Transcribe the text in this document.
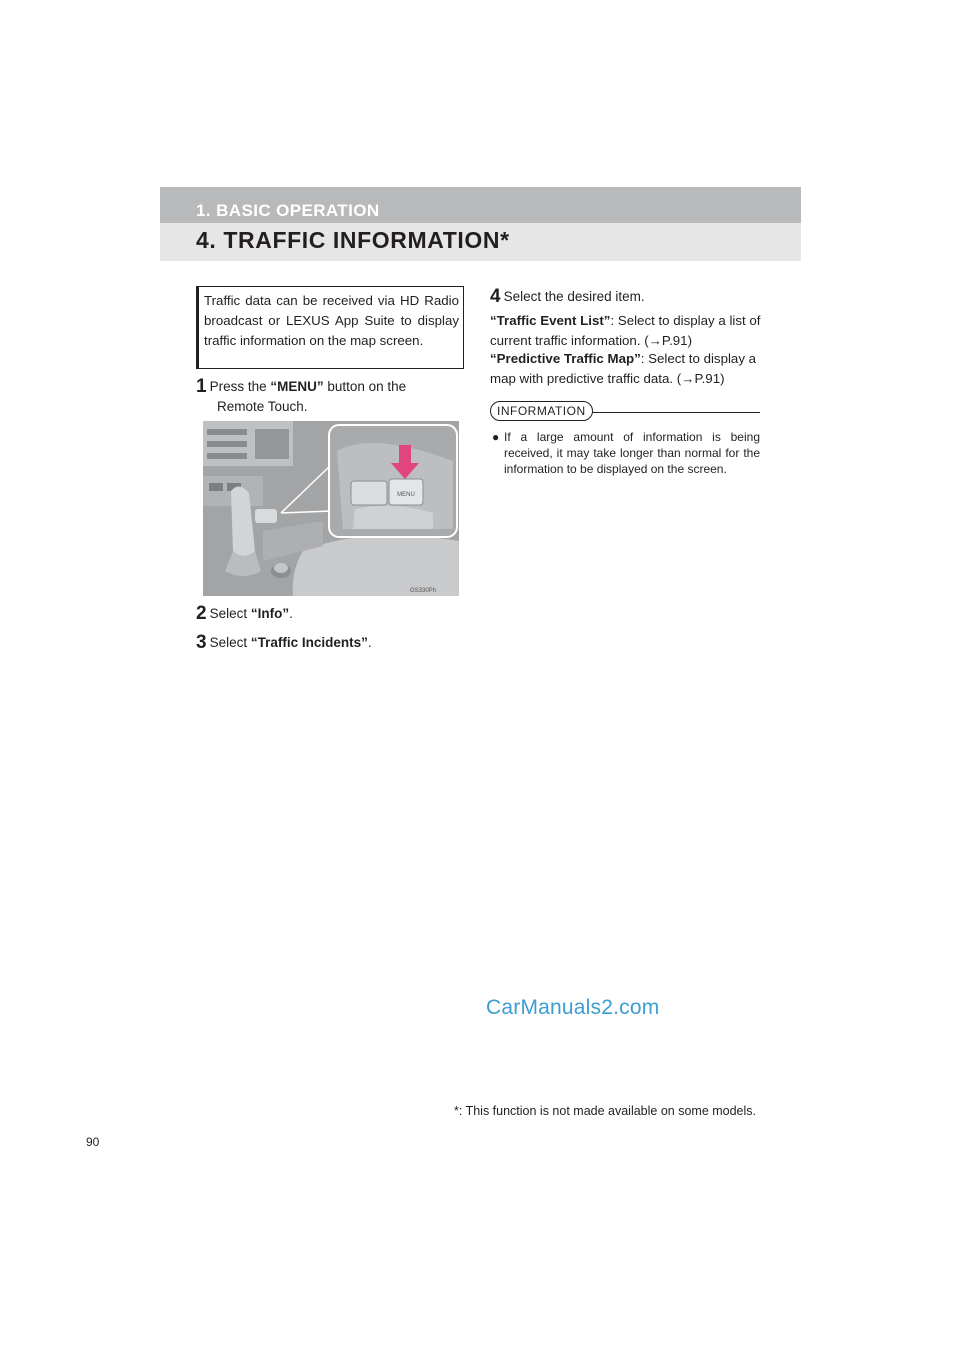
1. BASIC OPERATION
4. TRAFFIC INFORMATION*
Traffic data can be received via HD Radio broadcast or LEXUS App Suite to display traffic information on the map screen.
1 Press the “MENU” button on the
Remote Touch.
MENU
GS330Ph
2 Select “Info”.
3 Select “Traffic Incidents”.
4 Select the desired item.
“Traffic Event List”: Select to display a list of current traffic information. (→P.91)
“Predictive Traffic Map”: Select to display a map with predictive traffic data. (→P.91)
INFORMATION
● If a large amount of information is being received, it may take longer than normal for the information to be displayed on the screen.
CarManuals2.com
*: This function is not made available on some models.
90
